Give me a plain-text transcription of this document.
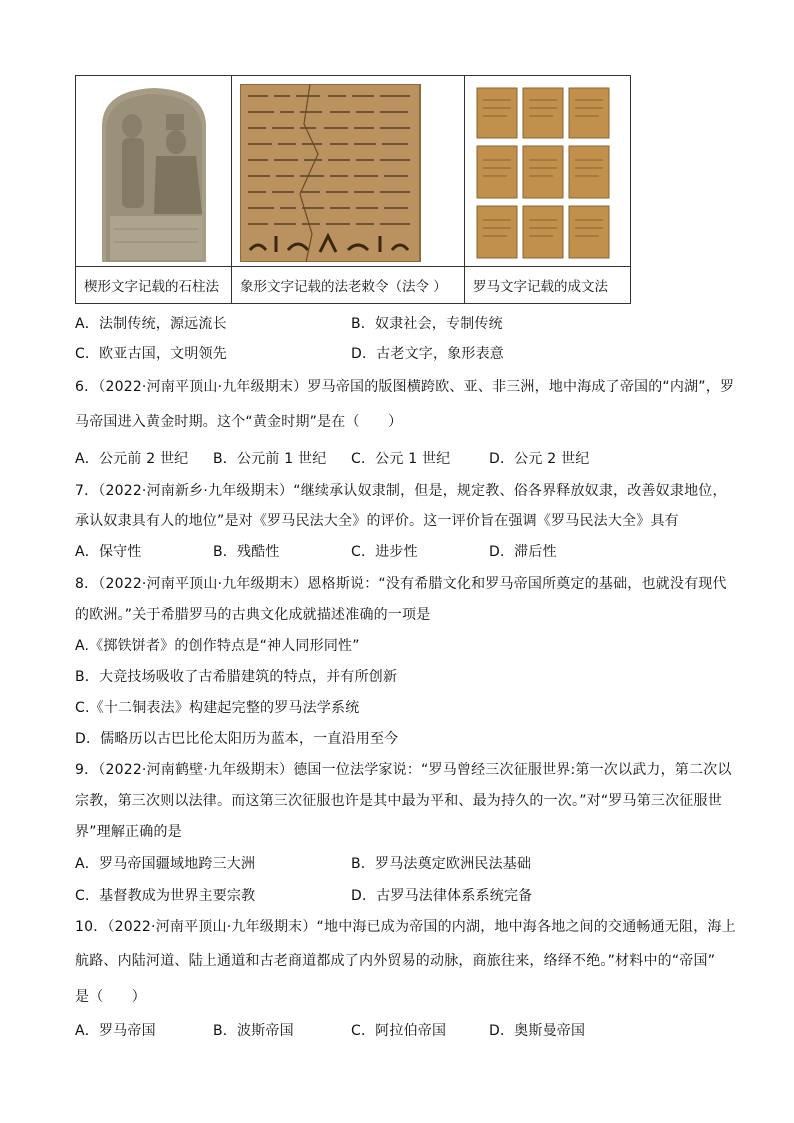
楔形文字记载的石柱法	象形文字记载的法老敕令（法令 ）	罗马文字记载的成文法
A．法制传统，源远流长	B．奴隶社会，专制传统
C．欧亚古国，文明领先	D．古老文字，象形表意
6．（2022·河南平顶山·九年级期末）罗马帝国的版图横跨欧、亚、非三洲，地中海成了帝国的“内湖”，罗
马帝国进入黄金时期。这个“黄金时期”是在（　　）
A．公元前 2 世纪 B．公元前 1 世纪 C．公元 1 世纪	D．公元 2 世纪
7．（2022·河南新乡·九年级期末）“继续承认奴隶制，但是，规定教、俗各界释放奴隶，改善奴隶地位，
承认奴隶具有人的地位”是对《罗马民法大全》的评价。这一评价旨在强调《罗马民法大全》具有
A．保守性	B．残酷性	C．进步性	D．滞后性
8．（2022·河南平顶山·九年级期末）恩格斯说：“没有希腊文化和罗马帝国所奠定的基础，也就没有现代
的欧洲。”关于希腊罗马的古典文化成就描述准确的一项是
A.《掷铁饼者》的创作特点是“神人同形同性”
B．大竞技场吸收了古希腊建筑的特点，并有所创新
C.《十二铜表法》构建起完整的罗马法学系统
D．儒略历以古巴比伦太阳历为蓝本，一直沿用至今
9．（2022·河南鹤壁·九年级期末）德国一位法学家说：“罗马曾经三次征服世界:第一次以武力，第二次以
宗教，第三次则以法律。而这第三次征服也许是其中最为平和、最为持久的一次。”对“罗马第三次征服世
界”理解正确的是
A．罗马帝国疆域地跨三大洲	B．罗马法奠定欧洲民法基础
C．基督教成为世界主要宗教	D．古罗马法律体系系统完备
10．（2022·河南平顶山·九年级期末）“地中海已成为帝国的内湖，地中海各地之间的交通畅通无阻，海上
航路、内陆河道、陆上通道和古老商道都成了内外贸易的动脉，商旅往来，络绎不绝。”材料中的“帝国”
是（　　）
A．罗马帝国	B．波斯帝国	C．阿拉伯帝国	D．奥斯曼帝国
